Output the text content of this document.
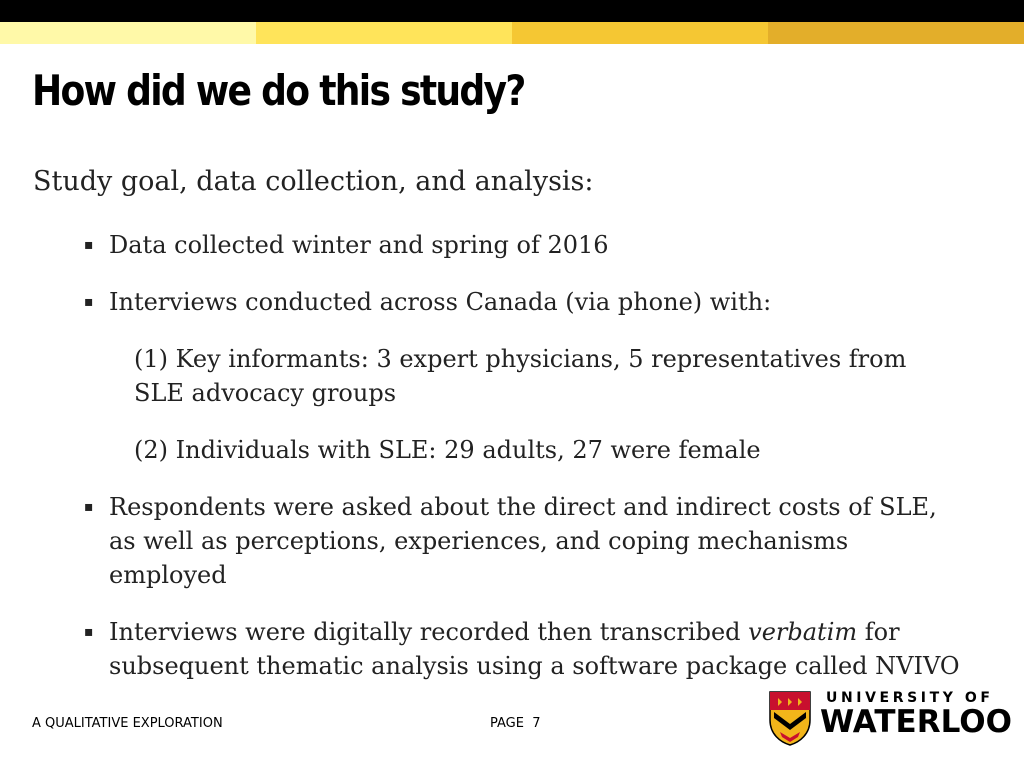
How did we do this study?
Study goal, data collection, and analysis:
▪ Data collected winter and spring of 2016
▪ Interviews conducted across Canada (via phone) with:
(1) Key informants: 3 expert physicians, 5 representatives from SLE advocacy groups
(2) Individuals with SLE: 29 adults, 27 were female
▪ Respondents were asked about the direct and indirect costs of SLE, as well as perceptions, experiences, and coping mechanisms employed
▪ Interviews were digitally recorded then transcribed verbatim for subsequent thematic analysis using a software package called NVIVO
A QUALITATIVE EXPLORATION	PAGE 7
UNIVERSITY OF
WATERLOO
